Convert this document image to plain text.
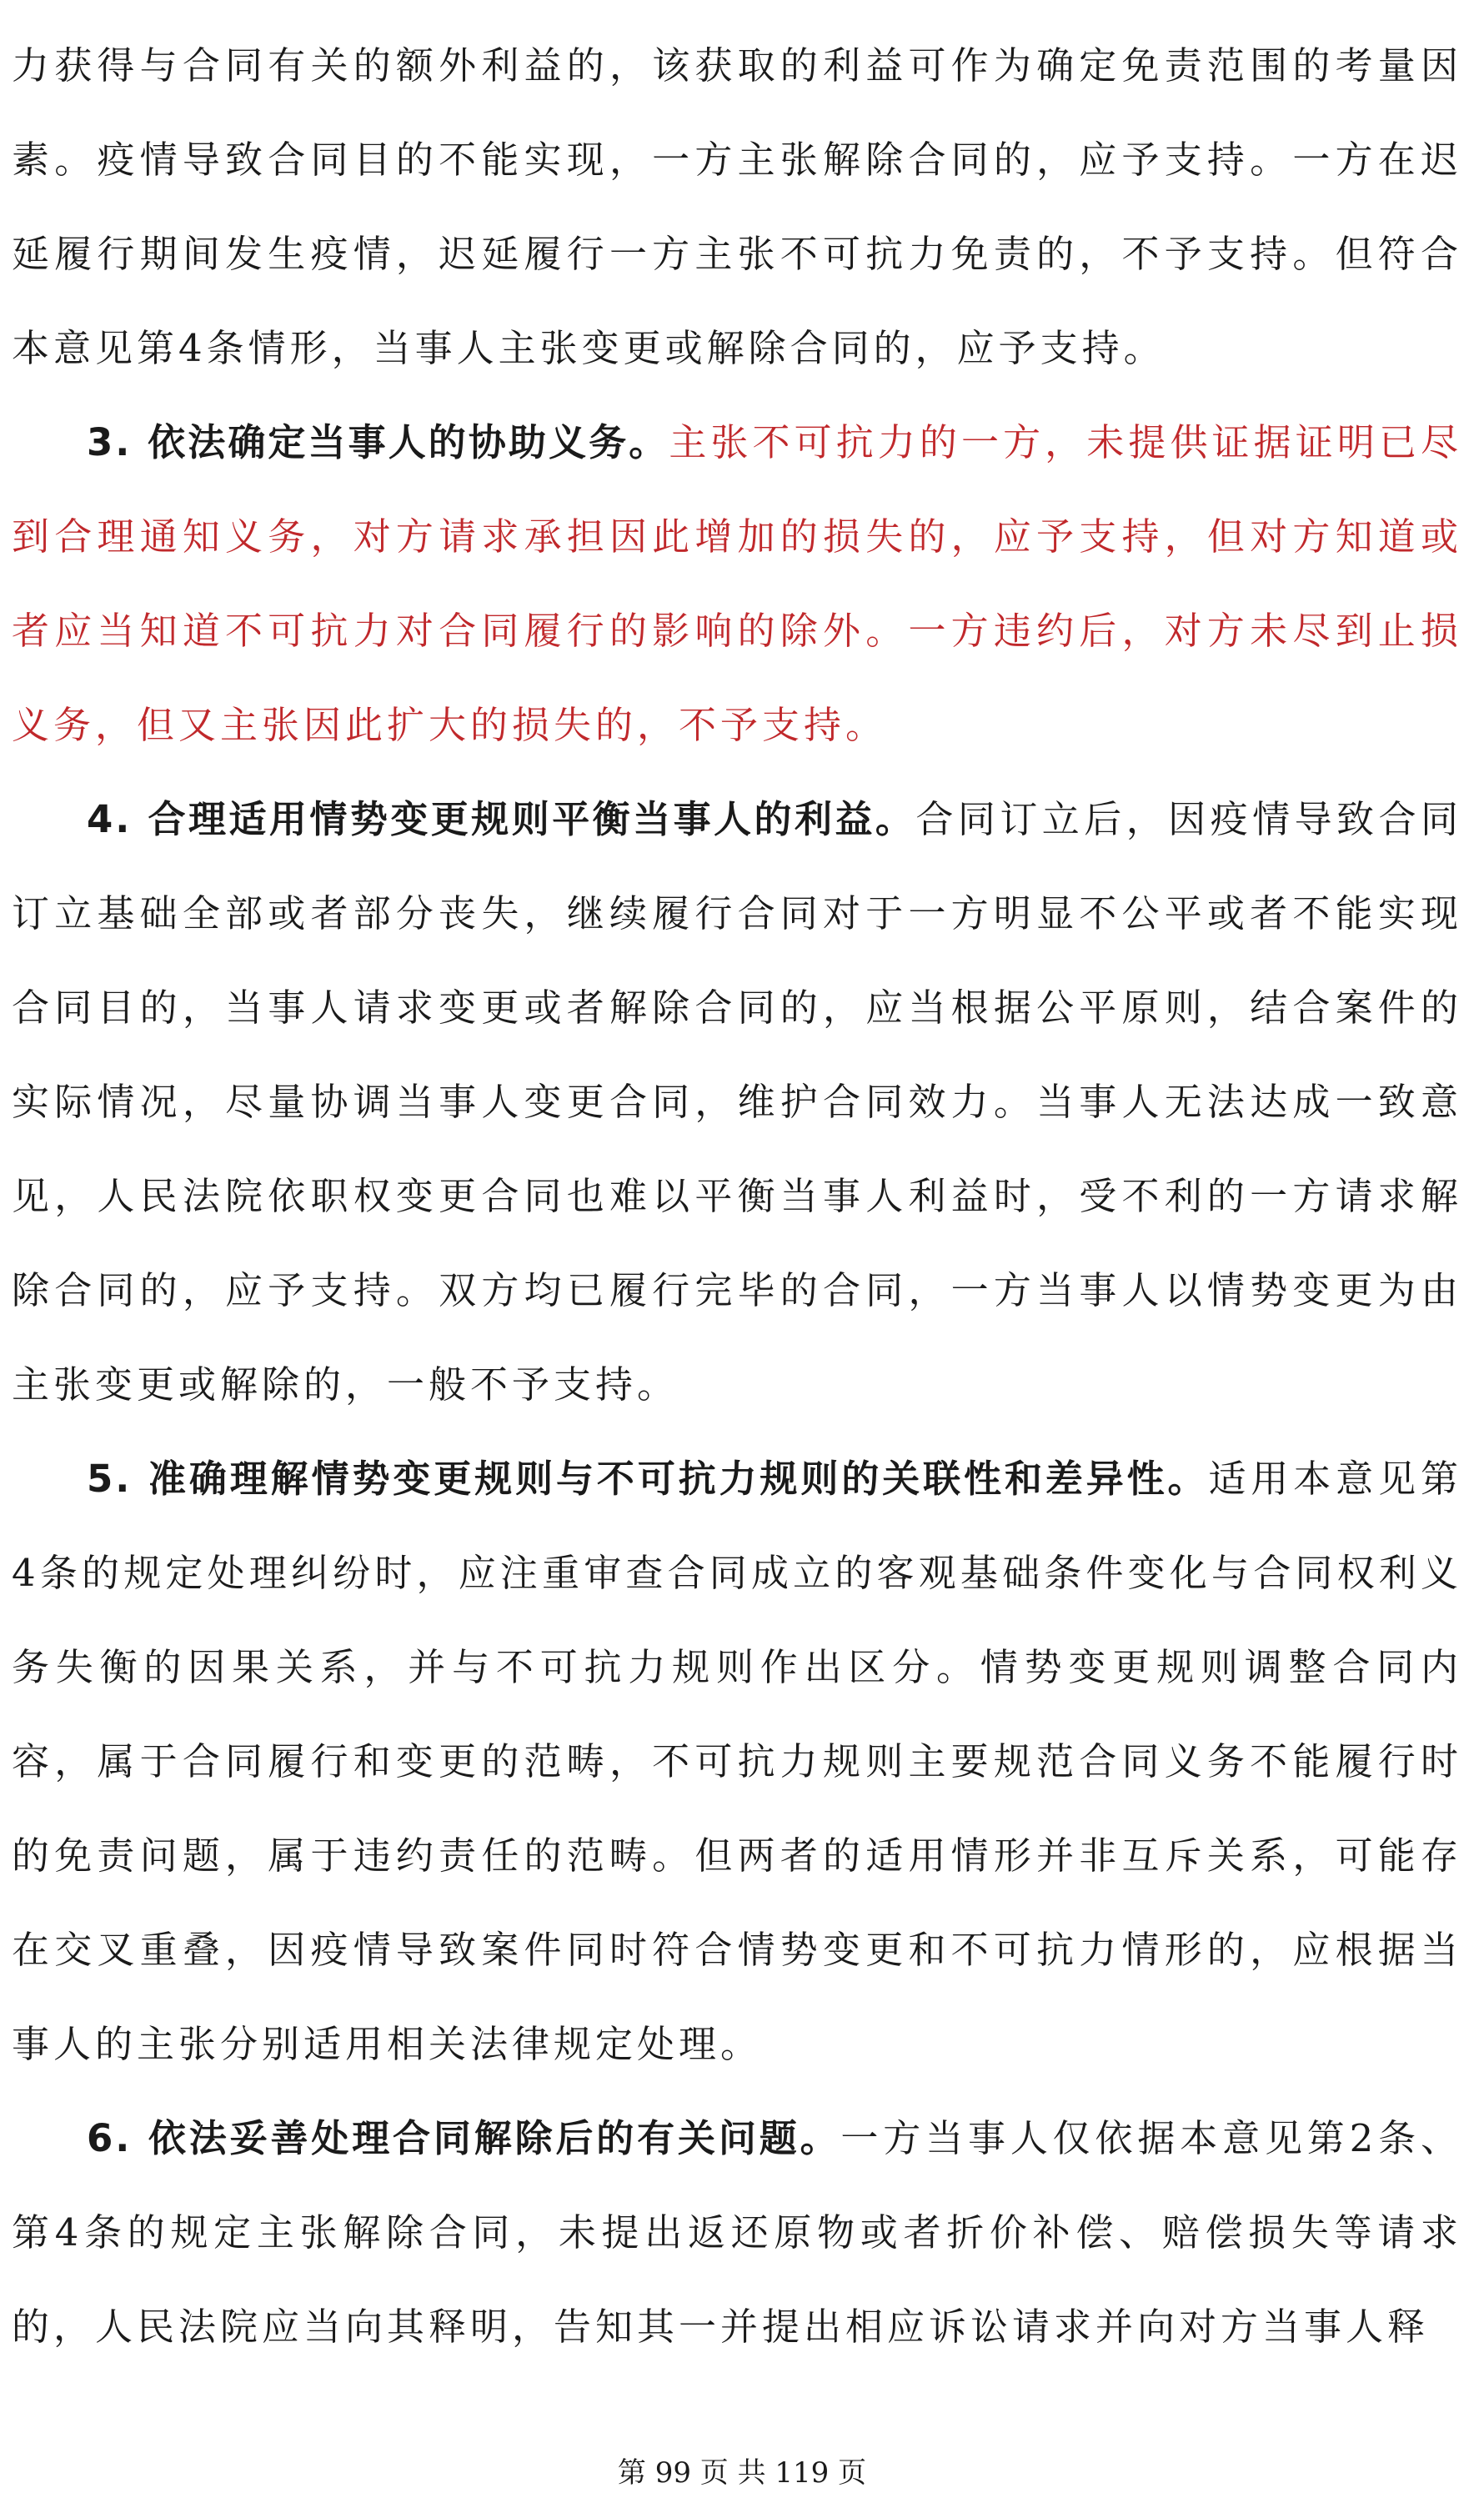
力获得与合同有关的额外利益的，该获取的利益可作为确定免责范围的考量因素。疫情导致合同目的不能实现，一方主张解除合同的，应予支持。一方在迟延履行期间发生疫情，迟延履行一方主张不可抗力免责的，不予支持。但符合本意见第4条情形，当事人主张变更或解除合同的，应予支持。

3. 依法确定当事人的协助义务。主张不可抗力的一方，未提供证据证明已尽到合理通知义务，对方请求承担因此增加的损失的，应予支持，但对方知道或者应当知道不可抗力对合同履行的影响的除外。一方违约后，对方未尽到止损义务，但又主张因此扩大的损失的，不予支持。

4. 合理适用情势变更规则平衡当事人的利益。合同订立后，因疫情导致合同订立基础全部或者部分丧失，继续履行合同对于一方明显不公平或者不能实现合同目的，当事人请求变更或者解除合同的，应当根据公平原则，结合案件的实际情况，尽量协调当事人变更合同，维护合同效力。当事人无法达成一致意见，人民法院依职权变更合同也难以平衡当事人利益时，受不利的一方请求解除合同的，应予支持。双方均已履行完毕的合同，一方当事人以情势变更为由主张变更或解除的，一般不予支持。

5. 准确理解情势变更规则与不可抗力规则的关联性和差异性。适用本意见第4条的规定处理纠纷时，应注重审查合同成立的客观基础条件变化与合同权利义务失衡的因果关系，并与不可抗力规则作出区分。情势变更规则调整合同内容，属于合同履行和变更的范畴，不可抗力规则主要规范合同义务不能履行时的免责问题，属于违约责任的范畴。但两者的适用情形并非互斥关系，可能存在交叉重叠，因疫情导致案件同时符合情势变更和不可抗力情形的，应根据当事人的主张分别适用相关法律规定处理。

6. 依法妥善处理合同解除后的有关问题。一方当事人仅依据本意见第2条、第4条的规定主张解除合同，未提出返还原物或者折价补偿、赔偿损失等请求的，人民法院应当向其释明，告知其一并提出相应诉讼请求并向对方当事人释

第 99 页 共 119 页
